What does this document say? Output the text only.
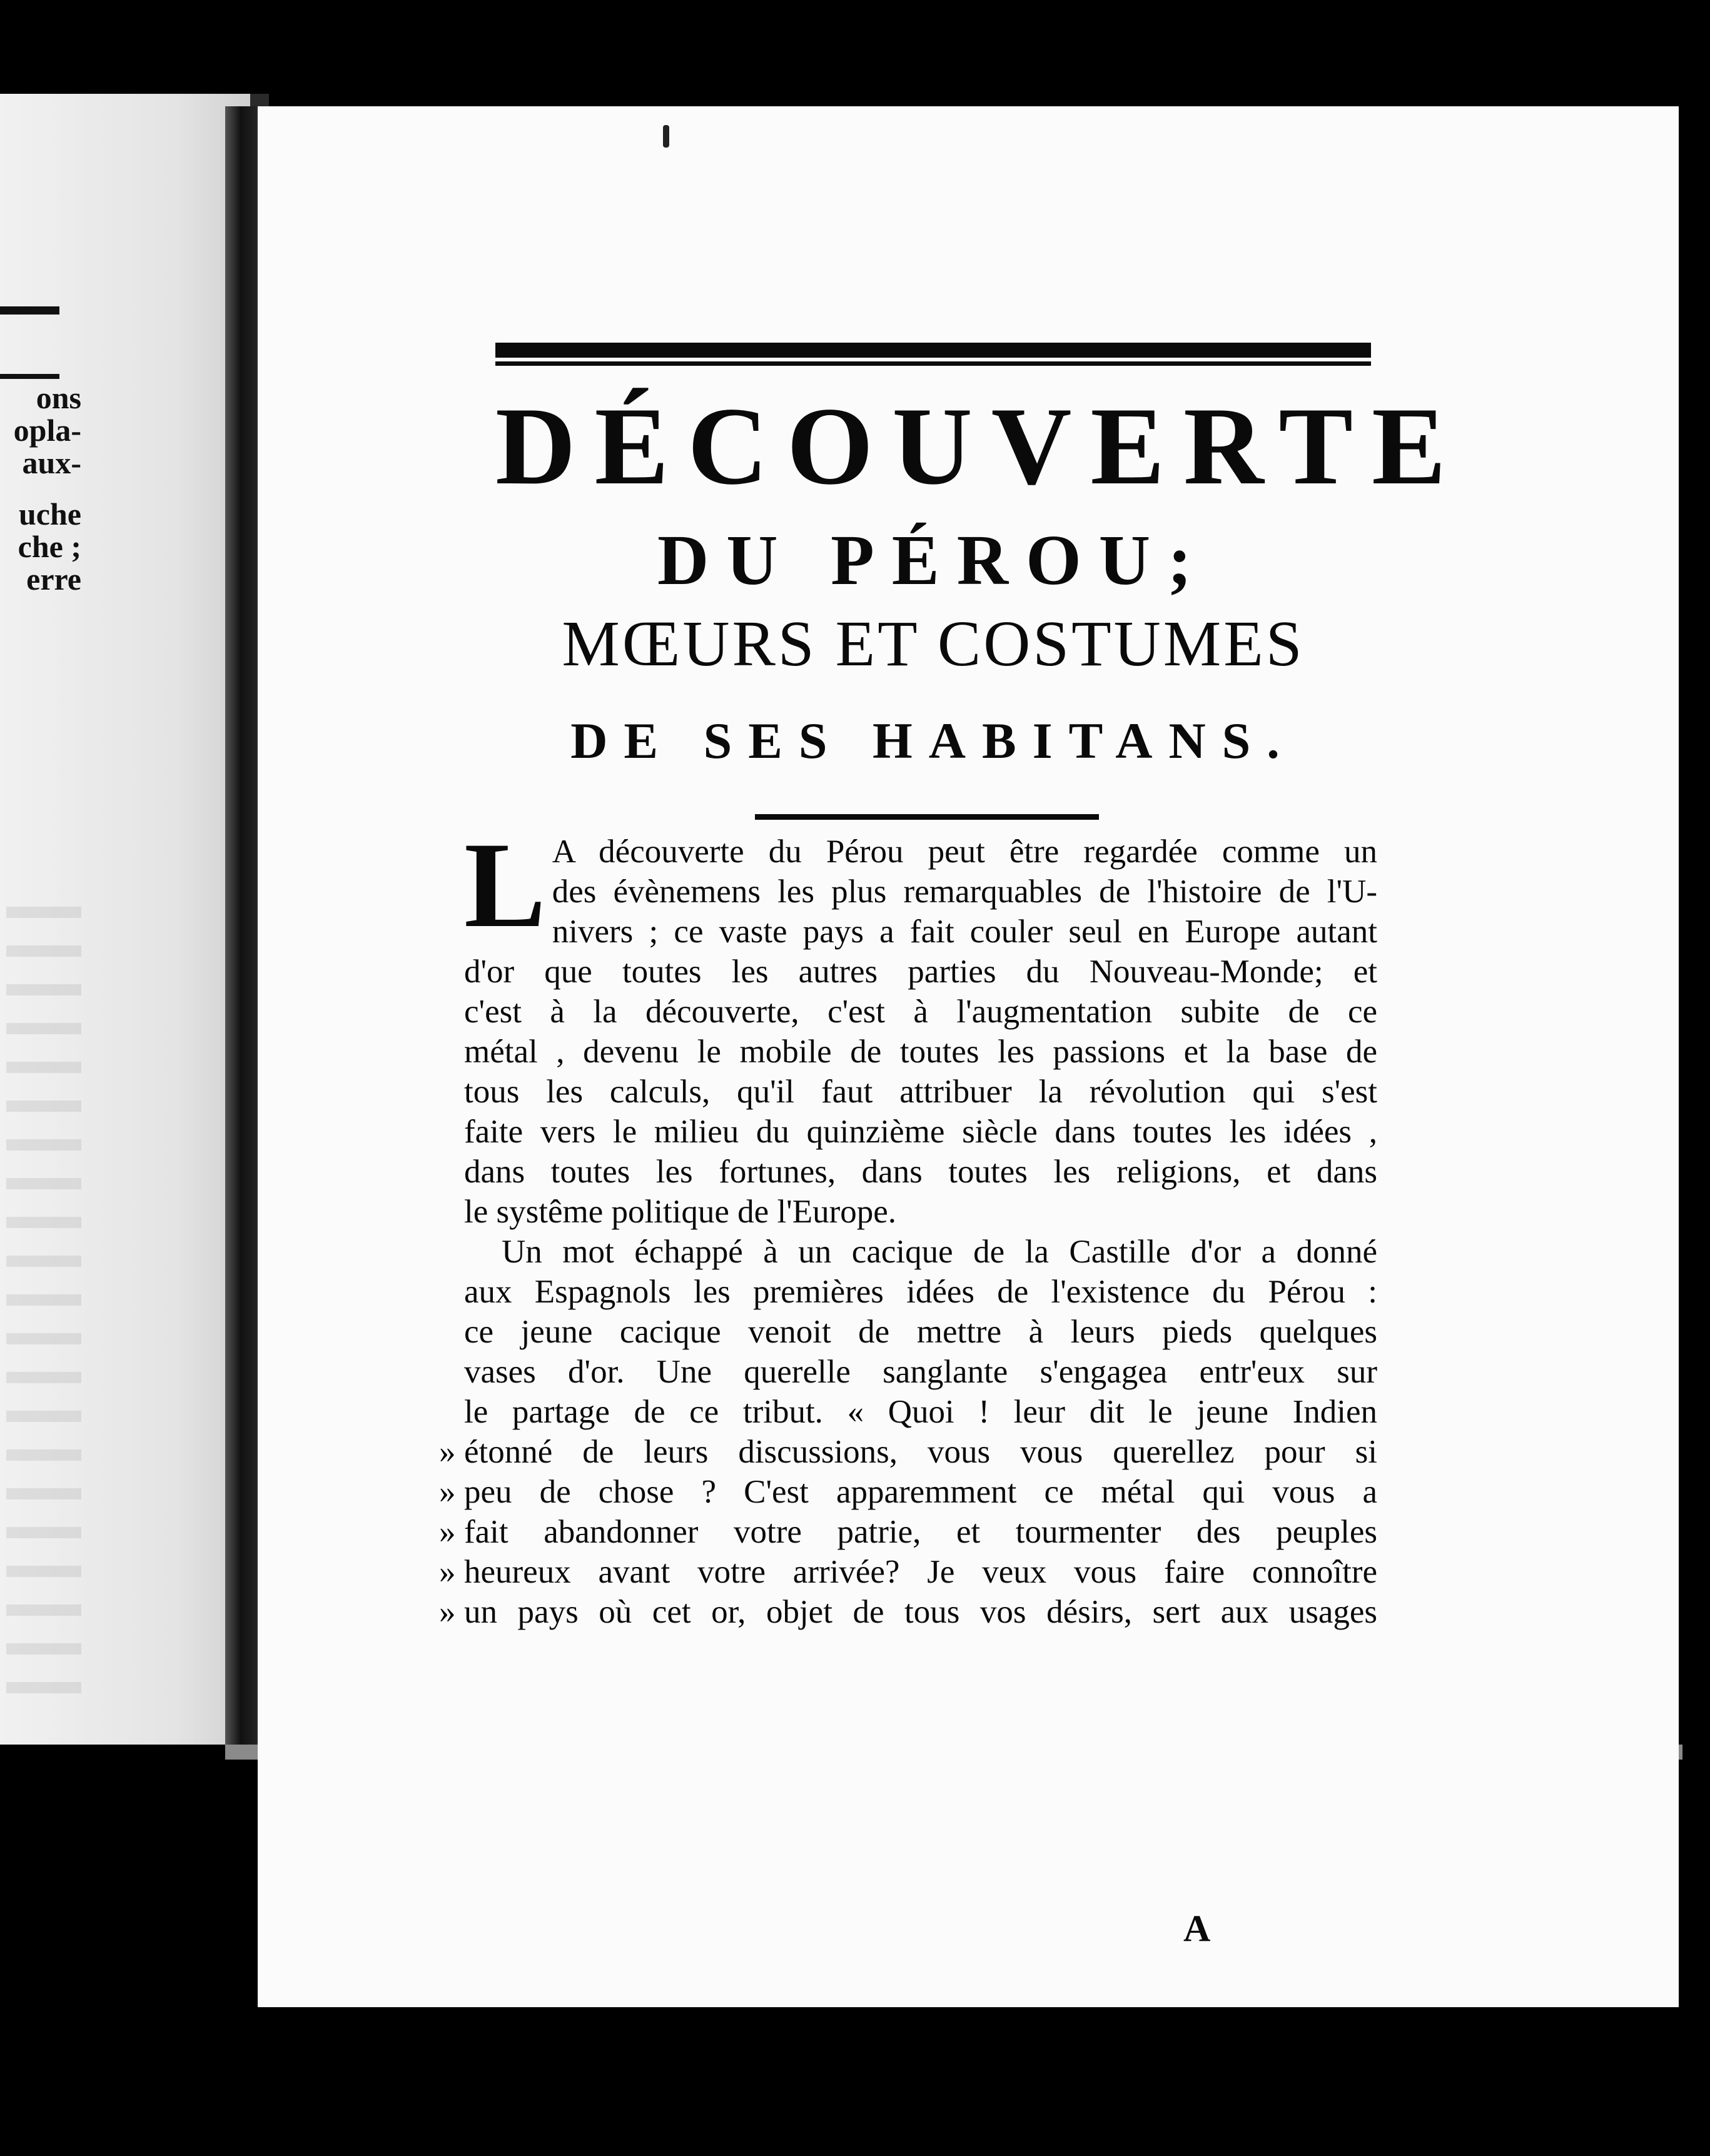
ons
opla-
aux-
uche
che ;
erre
DÉCOUVERTE
DU PÉROU;
MŒURS ET COSTUMES
DE SES HABITANS.
L A découverte du Pérou peut être regardée comme un
des évènemens les plus remarquables de l'histoire de l'U-
nivers ; ce vaste pays a fait couler seul en Europe autant
d'or que toutes les autres parties du Nouveau-Monde; et
c'est à la découverte, c'est à l'augmentation subite de ce
métal , devenu le mobile de toutes les passions et la base de
tous les calculs, qu'il faut attribuer la révolution qui s'est
faite vers le milieu du quinzième siècle dans toutes les idées ,
dans toutes les fortunes, dans toutes les religions, et dans
le systême politique de l'Europe.
Un mot échappé à un cacique de la Castille d'or a donné
aux Espagnols les premières idées de l'existence du Pérou :
ce jeune cacique venoit de mettre à leurs pieds quelques
vases d'or. Une querelle sanglante s'engagea entr'eux sur
le partage de ce tribut. « Quoi ! leur dit le jeune Indien
» étonné de leurs discussions, vous vous querellez pour si
» peu de chose ? C'est apparemment ce métal qui vous a
» fait abandonner votre patrie, et tourmenter des peuples
» heureux avant votre arrivée? Je veux vous faire connoître
» un pays où cet or, objet de tous vos désirs, sert aux usages
A
